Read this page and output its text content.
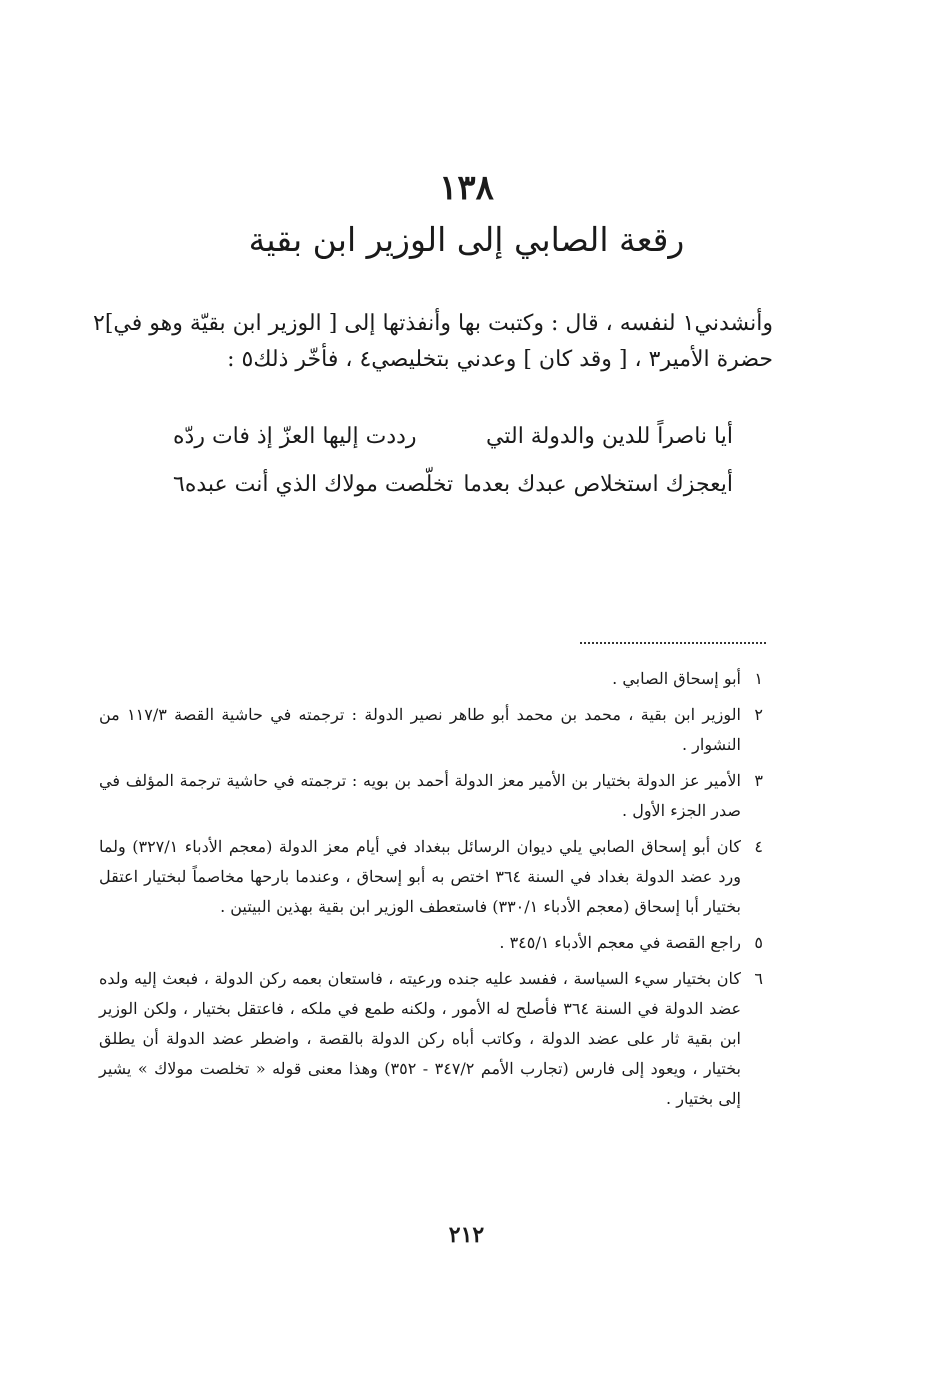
١٣٨
رقعة الصابي إلى الوزير ابن بقية

وأنشدني١ لنفسه ، قال : وكتبت بها وأنفذتها إلى [ الوزير ابن بقيّة وهو في]٢ حضرة الأمير٣ ، [ وقد كان ] وعدني بتخليصي٤ ، فأخّر ذلك٥ :

أيا ناصراً للدين والدولة التي
رددت إليها العزّ إذ فات ردّه
أيعجزك استخلاص عبدك بعدما
تخلّصت مولاك الذي أنت عبده٦
١
أبو إسحاق الصابي .
٢
الوزير ابن بقية ، محمد بن محمد أبو طاهر نصير الدولة : ترجمته في حاشية القصة ١١٧/٣ من النشوار .
٣
الأمير عز الدولة بختيار بن الأمير معز الدولة أحمد بن بويه : ترجمته في حاشية ترجمة المؤلف في صدر الجزء الأول .
٤
كان أبو إسحاق الصابي يلي ديوان الرسائل ببغداد في أيام معز الدولة (معجم الأدباء ٣٢٧/١) ولما ورد عضد الدولة بغداد في السنة ٣٦٤ اختص به أبو إسحاق ، وعندما بارحها مخاصماً لبختيار اعتقل بختيار أبا إسحاق (معجم الأدباء ٣٣٠/١) فاستعطف الوزير ابن بقية بهذين البيتين .
٥
راجع القصة في معجم الأدباء ٣٤٥/١ .
٦
كان بختيار سيء السياسة ، ففسد عليه جنده ورعيته ، فاستعان بعمه ركن الدولة ، فبعث إليه ولده عضد الدولة في السنة ٣٦٤ فأصلح له الأمور ، ولكنه طمع في ملكه ، فاعتقل بختيار ، ولكن الوزير ابن بقية ثار على عضد الدولة ، وكاتب أباه ركن الدولة بالقصة ، واضطر عضد الدولة أن يطلق بختيار ، ويعود إلى فارس (تجارب الأمم ٣٤٧/٢ - ٣٥٢) وهذا معنى قوله « تخلصت مولاك » يشير إلى بختيار .
٢١٢
